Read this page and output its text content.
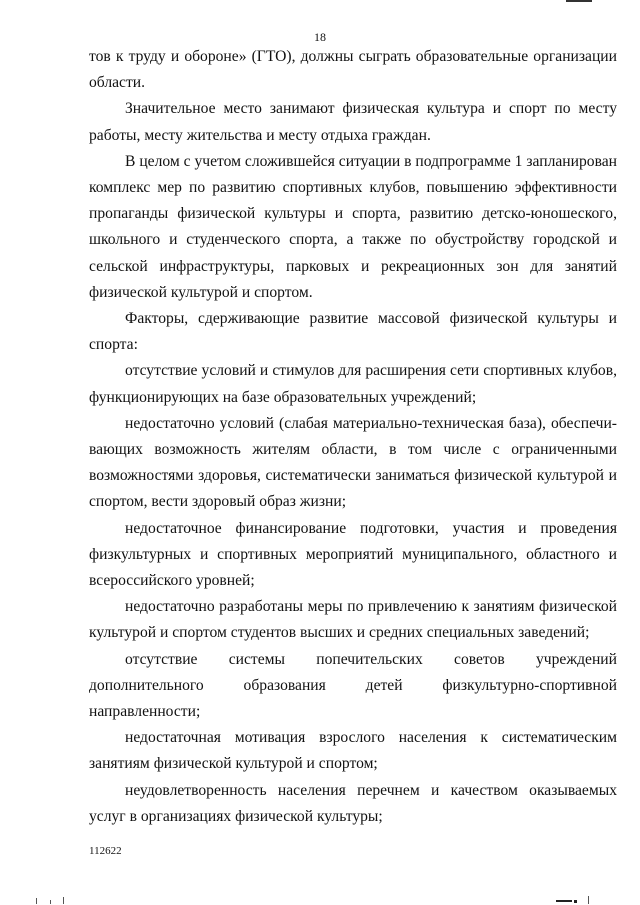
18

тов к труду и обороне» (ГТО), должны сыграть образовательные организации области.

Значительное место занимают физическая культура и спорт по месту работы, месту жительства и месту отдыха граждан.

В целом с учетом сложившейся ситуации в подпрограмме 1 запланирован комплекс мер по развитию спортивных клубов, повышению эффективности пропаганды физической культуры и спорта, развитию детско-юношеского, школьного и студенческого спорта, а также по обустройству городской и сельской инфраструктуры, парковых и рекреационных зон для занятий физической культурой и спортом.

Факторы, сдерживающие развитие массовой физической культуры и спорта:

отсутствие условий и стимулов для расширения сети спортивных клубов, функционирующих на базе образовательных учреждений;

недостаточно условий (слабая материально-техническая база), обеспечивающих возможность жителям области, в том числе с ограниченными возможностями здоровья, систематически заниматься физической культурой и спортом, вести здоровый образ жизни;

недостаточное финансирование подготовки, участия и проведения физкультурных и спортивных мероприятий муниципального, областного и всероссийского уровней;

недостаточно разработаны меры по привлечению к занятиям физической культурой и спортом студентов высших и средних специальных заведений;

отсутствие системы попечительских советов учреждений дополнительного образования детей физкультурно-спортивной направленности;

недостаточная мотивация взрослого населения к систематическим занятиям физической культурой и спортом;

неудовлетворенность населения перечнем и качеством оказываемых услуг в организациях физической культуры;

112622
